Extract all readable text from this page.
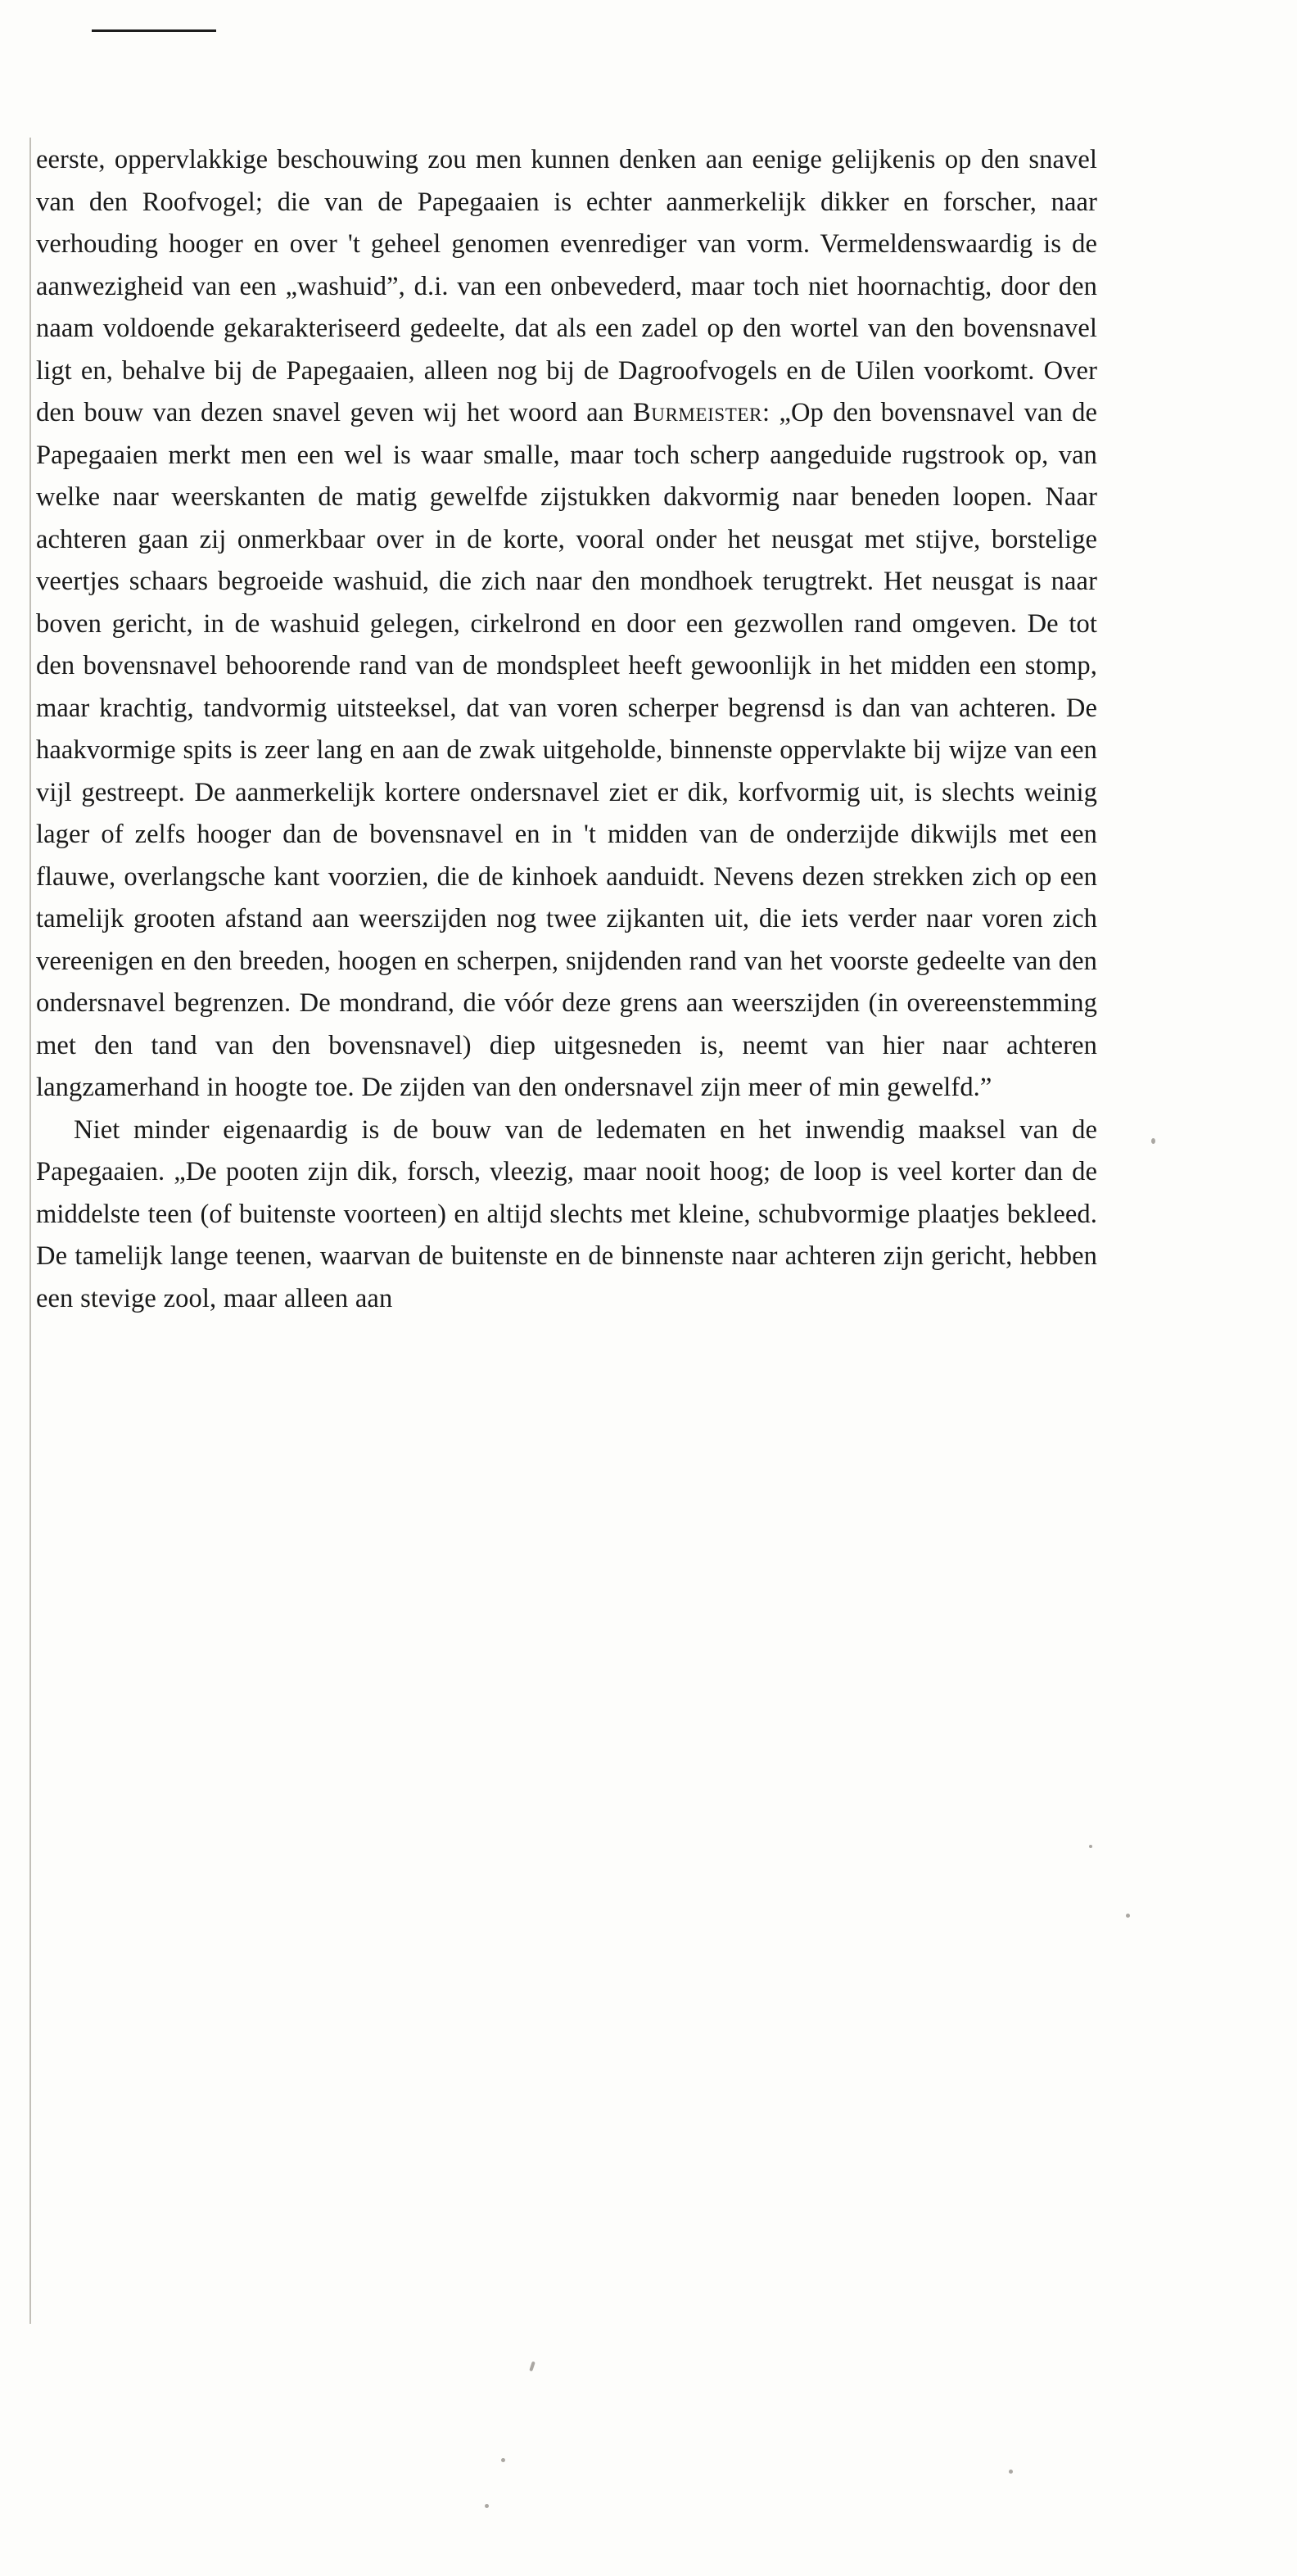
eerste, oppervlakkige beschouwing zou men kunnen denken aan eenige gelijkenis op den snavel van den Roofvogel; die van de Papegaaien is echter aanmerkelijk dikker en forscher, naar verhouding hooger en over 't geheel genomen evenrediger van vorm. Vermeldenswaardig is de aanwezigheid van een „washuid”, d.i. van een onbevederd, maar toch niet hoornachtig, door den naam voldoende gekarakteriseerd gedeelte, dat als een zadel op den wortel van den bovensnavel ligt en, behalve bij de Papegaaien, alleen nog bij de Dagroofvogels en de Uilen voorkomt. Over den bouw van dezen snavel geven wij het woord aan Burmeister: „Op den bovensnavel van de Papegaaien merkt men een wel is waar smalle, maar toch scherp aangeduide rugstrook op, van welke naar weerskanten de matig gewelfde zijstukken dakvormig naar beneden loopen. Naar achteren gaan zij onmerkbaar over in de korte, vooral onder het neusgat met stijve, borstelige veertjes schaars begroeide washuid, die zich naar den mondhoek terugtrekt. Het neusgat is naar boven gericht, in de washuid gelegen, cirkelrond en door een gezwollen rand omgeven. De tot den bovensnavel behoorende rand van de mondspleet heeft gewoonlijk in het midden een stomp, maar krachtig, tandvormig uitsteeksel, dat van voren scherper begrensd is dan van achteren. De haakvormige spits is zeer lang en aan de zwak uitgeholde, binnenste oppervlakte bij wijze van een vijl gestreept. De aanmerkelijk kortere ondersnavel ziet er dik, korfvormig uit, is slechts weinig lager of zelfs hooger dan de bovensnavel en in 't midden van de onderzijde dikwijls met een flauwe, overlangsche kant voorzien, die de kinhoek aanduidt. Nevens dezen strekken zich op een tamelijk grooten afstand aan weerszijden nog twee zijkanten uit, die iets verder naar voren zich vereenigen en den breeden, hoogen en scherpen, snijdenden rand van het voorste gedeelte van den ondersnavel begrenzen. De mondrand, die vóór deze grens aan weerszijden (in overeenstemming met den tand van den bovensnavel) diep uitgesneden is, neemt van hier naar achteren langzamerhand in hoogte toe. De zijden van den ondersnavel zijn meer of min gewelfd.”

Niet minder eigenaardig is de bouw van de ledematen en het inwendig maaksel van de Papegaaien. „De pooten zijn dik, forsch, vleezig, maar nooit hoog; de loop is veel korter dan de middelste teen (of buitenste voorteen) en altijd slechts met kleine, schubvormige plaatjes bekleed. De tamelijk lange teenen, waarvan de buitenste en de binnenste naar achteren zijn gericht, hebben een stevige zool, maar alleen aan
